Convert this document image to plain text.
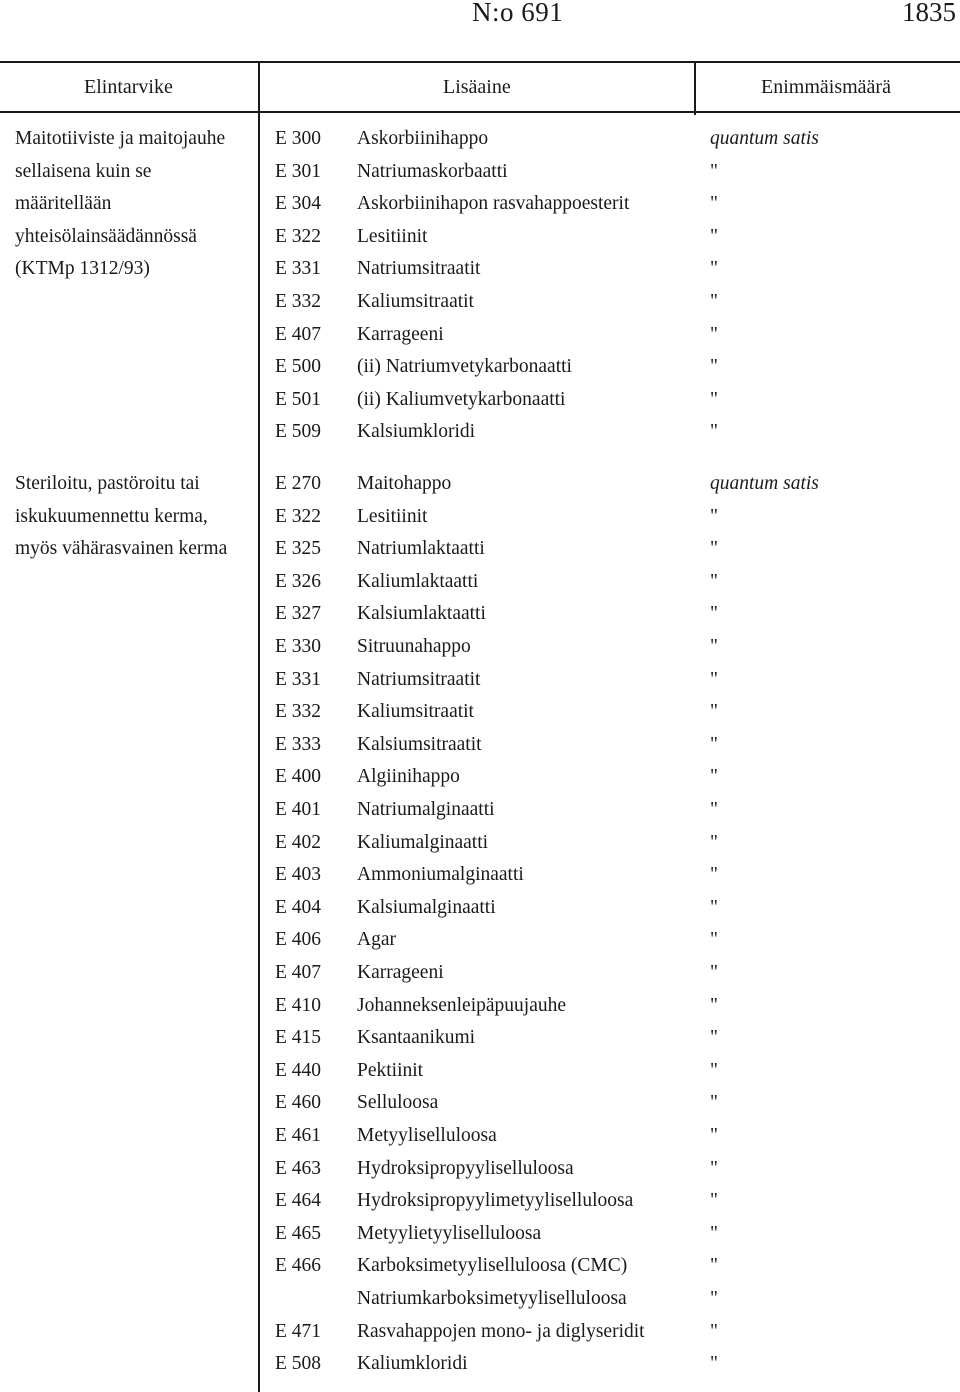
N:o 691	1835
Elintarvike	Lisäaine	Enimmäismäärä
Maitotiiviste ja maitojauhe
sellaisena kuin se
määritellään
yhteisölainsäädännössä
(KTMp 1312/93)
E 300 Askorbiinihappo	quantum satis
E 301 Natriumaskorbaatti	"
E 304 Askorbiinihapon rasvahappoesterit	"
E 322 Lesitiinit	"
E 331 Natriumsitraatit	"
E 332 Kaliumsitraatit	"
E 407 Karrageeni	"
E 500 (ii) Natriumvetykarbonaatti	"
E 501 (ii) Kaliumvetykarbonaatti	"
E 509 Kalsiumkloridi	"
Steriloitu, pastöroitu tai
iskukuumennettu kerma,
myös vähärasvainen kerma
E 270 Maitohappo	quantum satis
E 322 Lesitiinit	"
E 325 Natriumlaktaatti	"
E 326 Kaliumlaktaatti	"
E 327 Kalsiumlaktaatti	"
E 330 Sitruunahappo	"
E 331 Natriumsitraatit	"
E 332 Kaliumsitraatit	"
E 333 Kalsiumsitraatit	"
E 400 Algiinihappo	"
E 401 Natriumalginaatti	"
E 402 Kaliumalginaatti	"
E 403 Ammoniumalginaatti	"
E 404 Kalsiumalginaatti	"
E 406 Agar	"
E 407 Karrageeni	"
E 410 Johanneksenleipäpuujauhe	"
E 415 Ksantaanikumi	"
E 440 Pektiinit	"
E 460 Selluloosa	"
E 461 Metyyliselluloosa	"
E 463 Hydroksipropyyliselluloosa	"
E 464 Hydroksipropyylimetyyliselluloosa	"
E 465 Metyylietyyliselluloosa	"
E 466 Karboksimetyyliselluloosa (CMC)	"
Natriumkarboksimetyyliselluloosa	"
E 471 Rasvahappojen mono- ja diglyseridit	"
E 508 Kaliumkloridi	"
